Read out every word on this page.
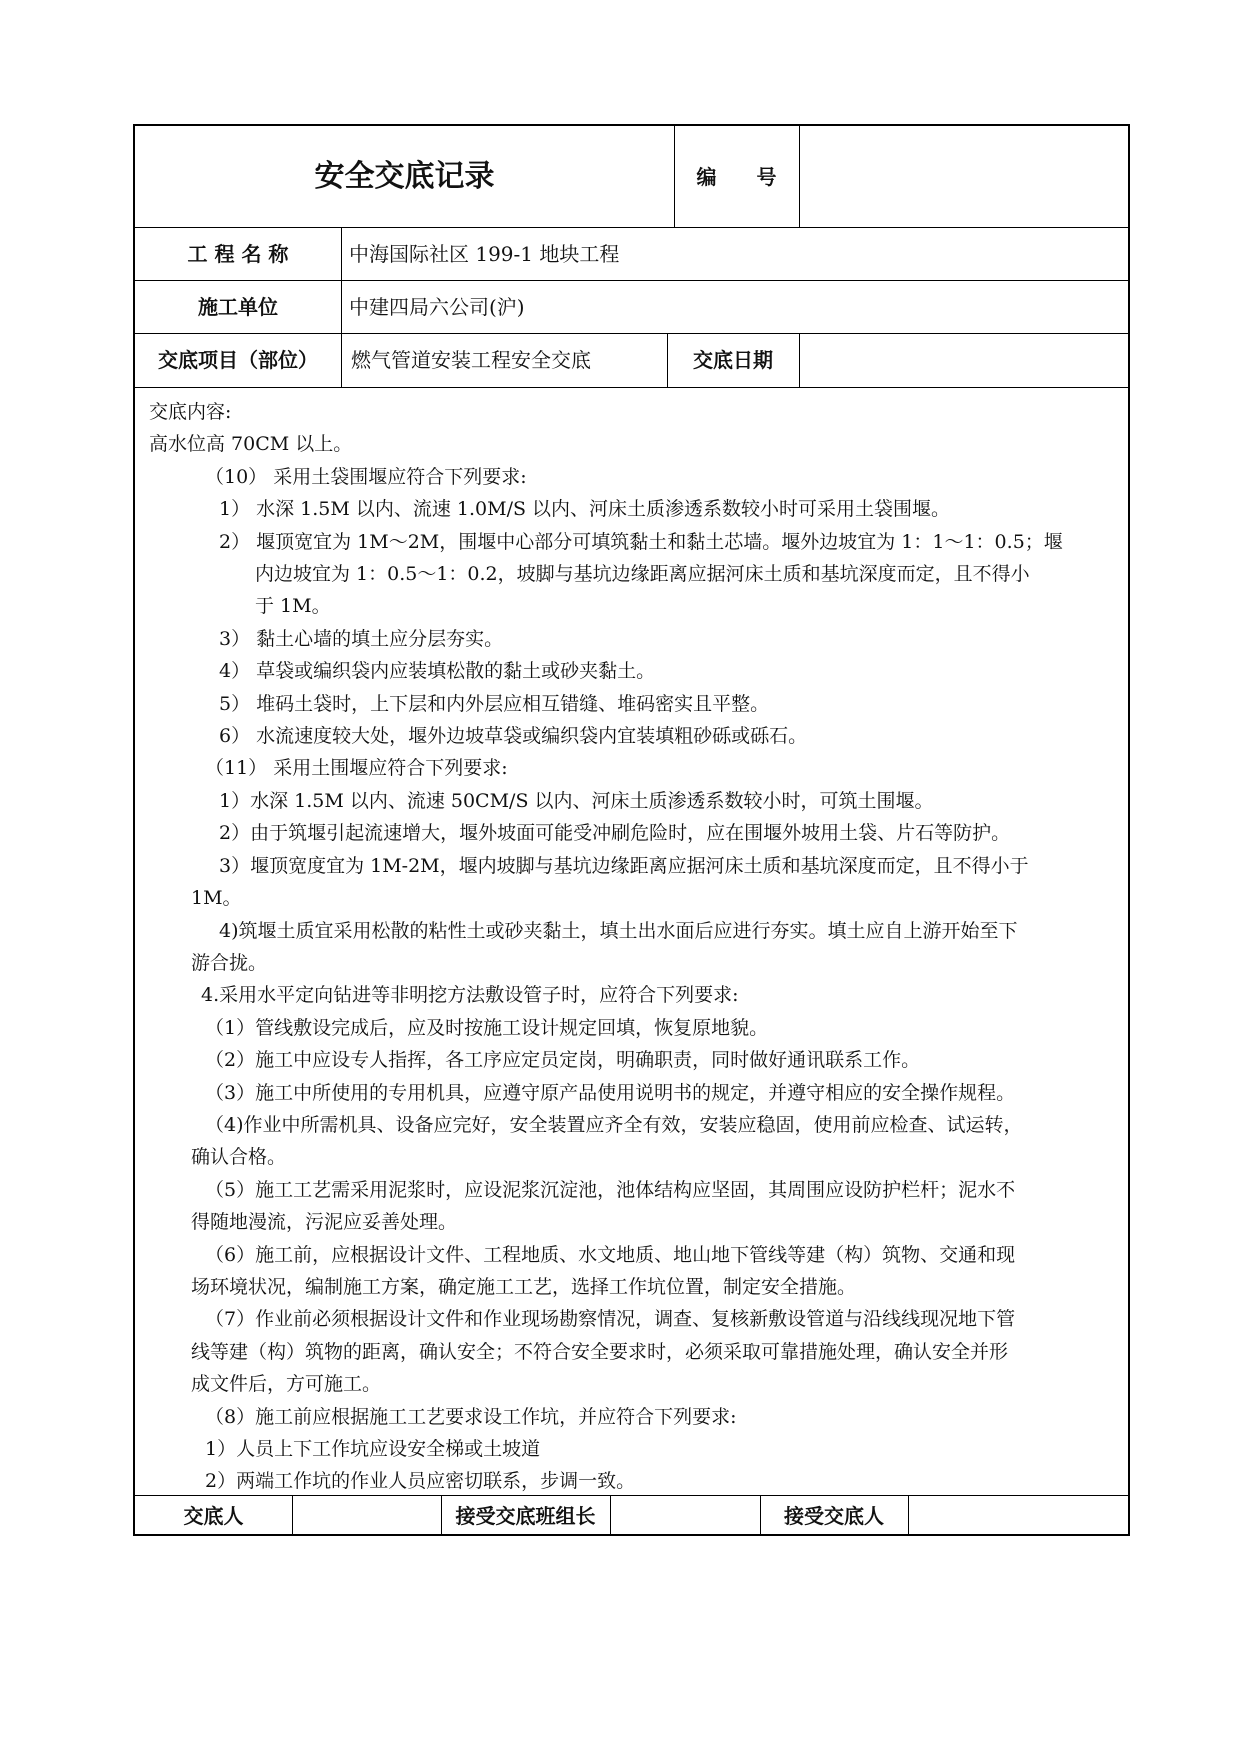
安全交底记录	编　　号
工 程 名 称	中海国际社区 199-1 地块工程
施工单位	中建四局六公司(沪)
交底项目（部位）	燃气管道安装工程安全交底	交底日期
交底内容:
高水位高 70CM 以上。
（10） 采用土袋围堰应符合下列要求:
1） 水深 1.5M 以内、流速 1.0M/S 以内、河床土质渗透系数较小时可采用土袋围堰。
2） 堰顶宽宜为 1M～2M，围堰中心部分可填筑黏土和黏土芯墙。堰外边坡宜为 1：1～1：0.5；堰
内边坡宜为 1：0.5～1：0.2，坡脚与基坑边缘距离应据河床土质和基坑深度而定，且不得小
于 1M。
3） 黏土心墙的填土应分层夯实。
4） 草袋或编织袋内应装填松散的黏土或砂夹黏土。
5） 堆码土袋时，上下层和内外层应相互错缝、堆码密实且平整。
6） 水流速度较大处，堰外边坡草袋或编织袋内宜装填粗砂砾或砾石。
（11） 采用土围堰应符合下列要求:
1）水深 1.5M 以内、流速 50CM/S 以内、河床土质渗透系数较小时，可筑土围堰。
2）由于筑堰引起流速增大，堰外坡面可能受冲刷危险时，应在围堰外坡用土袋、片石等防护。
3）堰顶宽度宜为 1M-2M，堰内坡脚与基坑边缘距离应据河床土质和基坑深度而定，且不得小于
1M。
4)筑堰土质宜采用松散的粘性土或砂夹黏土，填土出水面后应进行夯实。填土应自上游开始至下
游合拢。
4.采用水平定向钻进等非明挖方法敷设管子时，应符合下列要求:
（1）管线敷设完成后，应及时按施工设计规定回填，恢复原地貌。
（2）施工中应设专人指挥，各工序应定员定岗，明确职责，同时做好通讯联系工作。
（3）施工中所使用的专用机具，应遵守原产品使用说明书的规定，并遵守相应的安全操作规程。
（4)作业中所需机具、设备应完好，安全装置应齐全有效，安装应稳固，使用前应检查、试运转，
确认合格。
（5）施工工艺需采用泥浆时，应设泥浆沉淀池，池体结构应坚固，其周围应设防护栏杆；泥水不
得随地漫流，污泥应妥善处理。
（6）施工前，应根据设计文件、工程地质、水文地质、地山地下管线等建（构）筑物、交通和现
场环境状况，编制施工方案，确定施工工艺，选择工作坑位置，制定安全措施。
（7）作业前必须根据设计文件和作业现场勘察情况，调查、复核新敷设管道与沿线线现况地下管
线等建（构）筑物的距离，确认安全；不符合安全要求时，必须采取可靠措施处理，确认安全并形
成文件后，方可施工。
（8）施工前应根据施工工艺要求设工作坑，并应符合下列要求:
1）人员上下工作坑应设安全梯或土坡道
2）两端工作坑的作业人员应密切联系，步调一致。
交底人	接受交底班组长	接受交底人
